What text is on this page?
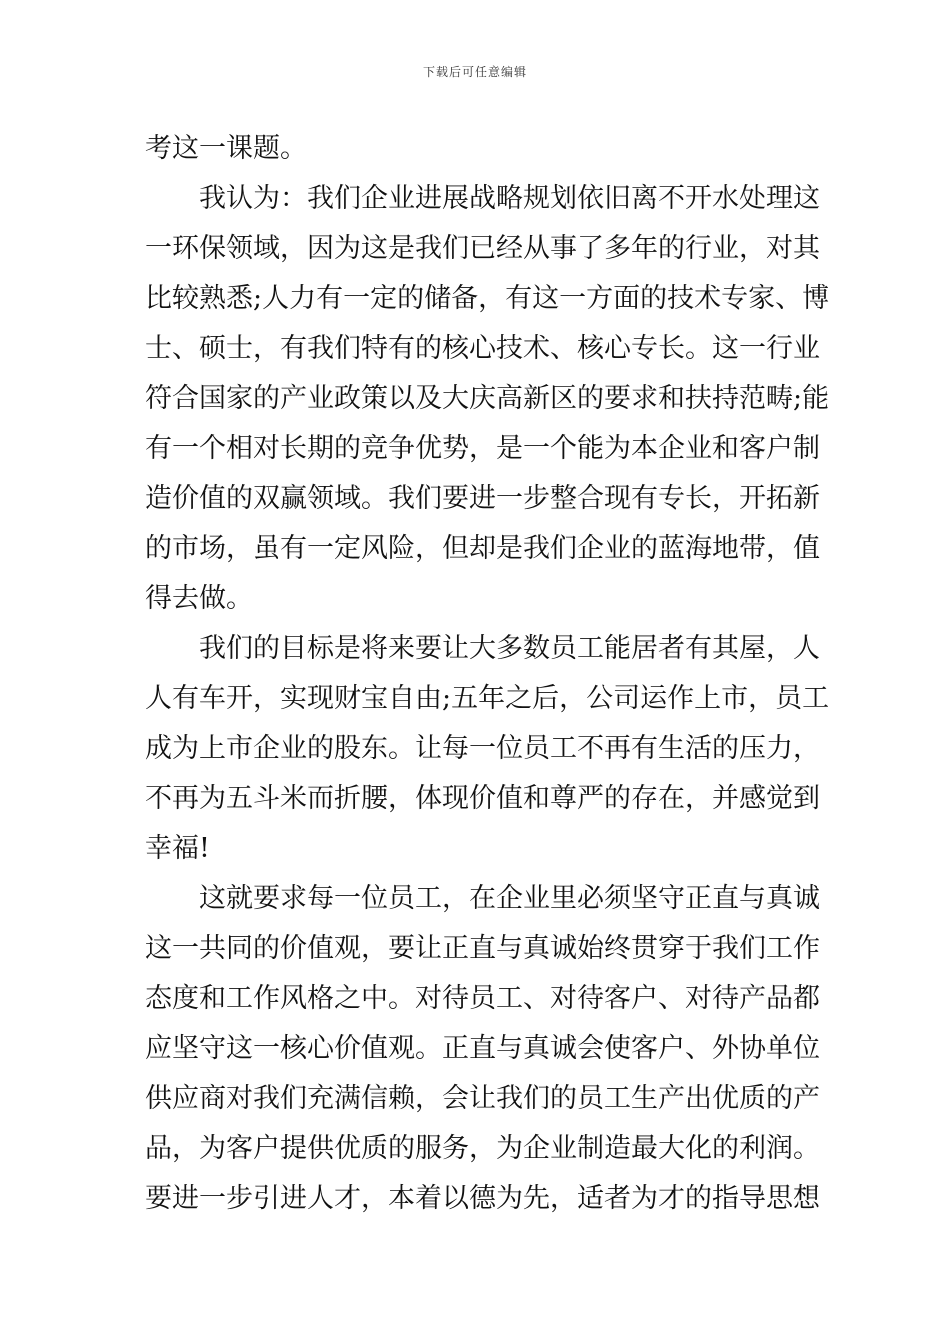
下载后可任意编辑
考这一课题。
我认为：我们企业进展战略规划依旧离不开水处理这
一环保领域，因为这是我们已经从事了多年的行业，对其
比较熟悉;人力有一定的储备，有这一方面的技术专家、博
士、硕士，有我们特有的核心技术、核心专长。这一行业
符合国家的产业政策以及大庆高新区的要求和扶持范畴;能
有一个相对长期的竞争优势，是一个能为本企业和客户制
造价值的双赢领域。我们要进一步整合现有专长，开拓新
的市场，虽有一定风险，但却是我们企业的蓝海地带，值
得去做。
我们的目标是将来要让大多数员工能居者有其屋，人
人有车开，实现财宝自由;五年之后，公司运作上市，员工
成为上市企业的股东。让每一位员工不再有生活的压力，
不再为五斗米而折腰，体现价值和尊严的存在，并感觉到
幸福!
这就要求每一位员工，在企业里必须坚守正直与真诚
这一共同的价值观，要让正直与真诚始终贯穿于我们工作
态度和工作风格之中。对待员工、对待客户、对待产品都
应坚守这一核心价值观。正直与真诚会使客户、外协单位
供应商对我们充满信赖，会让我们的员工生产出优质的产
品，为客户提供优质的服务，为企业制造最大化的利润。
要进一步引进人才，本着以德为先，适者为才的指导思想
